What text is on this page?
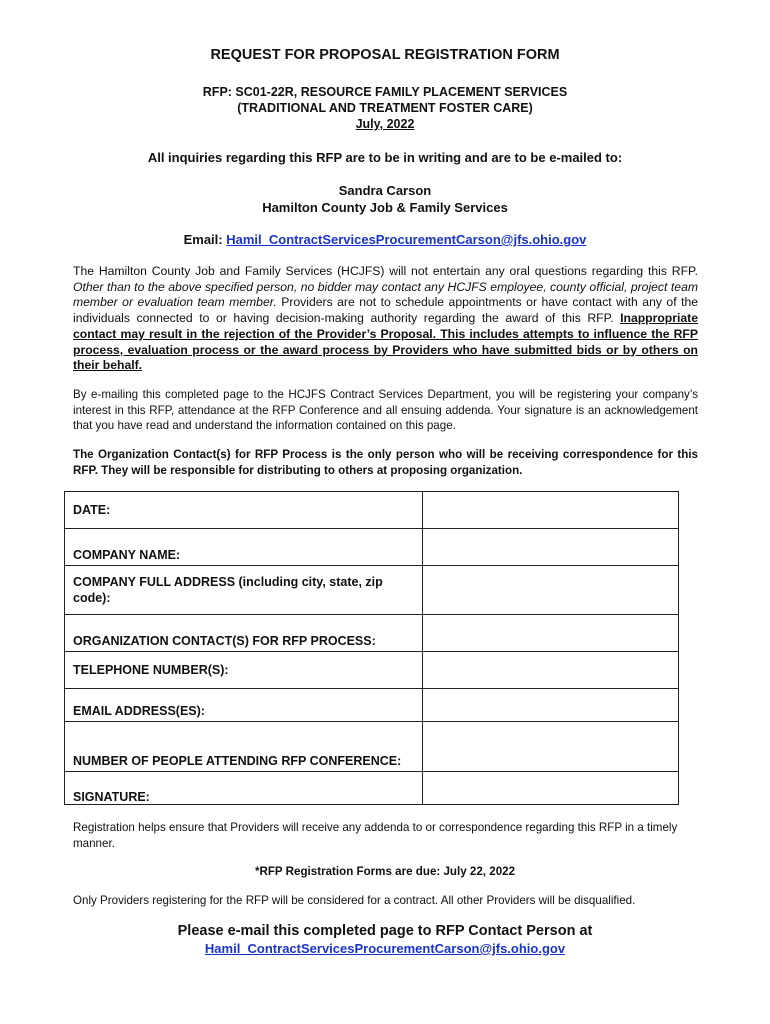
REQUEST FOR PROPOSAL REGISTRATION FORM
RFP: SC01-22R, RESOURCE FAMILY PLACEMENT SERVICES
(TRADITIONAL AND TREATMENT FOSTER CARE)
July, 2022
All inquiries regarding this RFP are to be in writing and are to be e-mailed to:
Sandra Carson
Hamilton County Job & Family Services
Email: Hamil_ContractServicesProcurementCarson@jfs.ohio.gov
The Hamilton County Job and Family Services (HCJFS) will not entertain any oral questions regarding this RFP. Other than to the above specified person, no bidder may contact any HCJFS employee, county official, project team member or evaluation team member. Providers are not to schedule appointments or have contact with any of the individuals connected to or having decision-making authority regarding the award of this RFP. Inappropriate contact may result in the rejection of the Provider’s Proposal. This includes attempts to influence the RFP process, evaluation process or the award process by Providers who have submitted bids or by others on their behalf.
By e-mailing this completed page to the HCJFS Contract Services Department, you will be registering your company’s interest in this RFP, attendance at the RFP Conference and all ensuing addenda. Your signature is an acknowledgement that you have read and understand the information contained on this page.
The Organization Contact(s) for RFP Process is the only person who will be receiving correspondence for this RFP. They will be responsible for distributing to others at proposing organization.
DATE:	
COMPANY NAME:	
COMPANY FULL ADDRESS (including city, state, zip code):	
ORGANIZATION CONTACT(S) FOR RFP PROCESS:	
TELEPHONE NUMBER(S):	
EMAIL ADDRESS(ES):	
NUMBER OF PEOPLE ATTENDING RFP CONFERENCE:	
SIGNATURE:	
Registration helps ensure that Providers will receive any addenda to or correspondence regarding this RFP in a timely manner.
*RFP Registration Forms are due: July 22, 2022
Only Providers registering for the RFP will be considered for a contract. All other Providers will be disqualified.
Please e-mail this completed page to RFP Contact Person at
Hamil_ContractServicesProcurementCarson@jfs.ohio.gov
